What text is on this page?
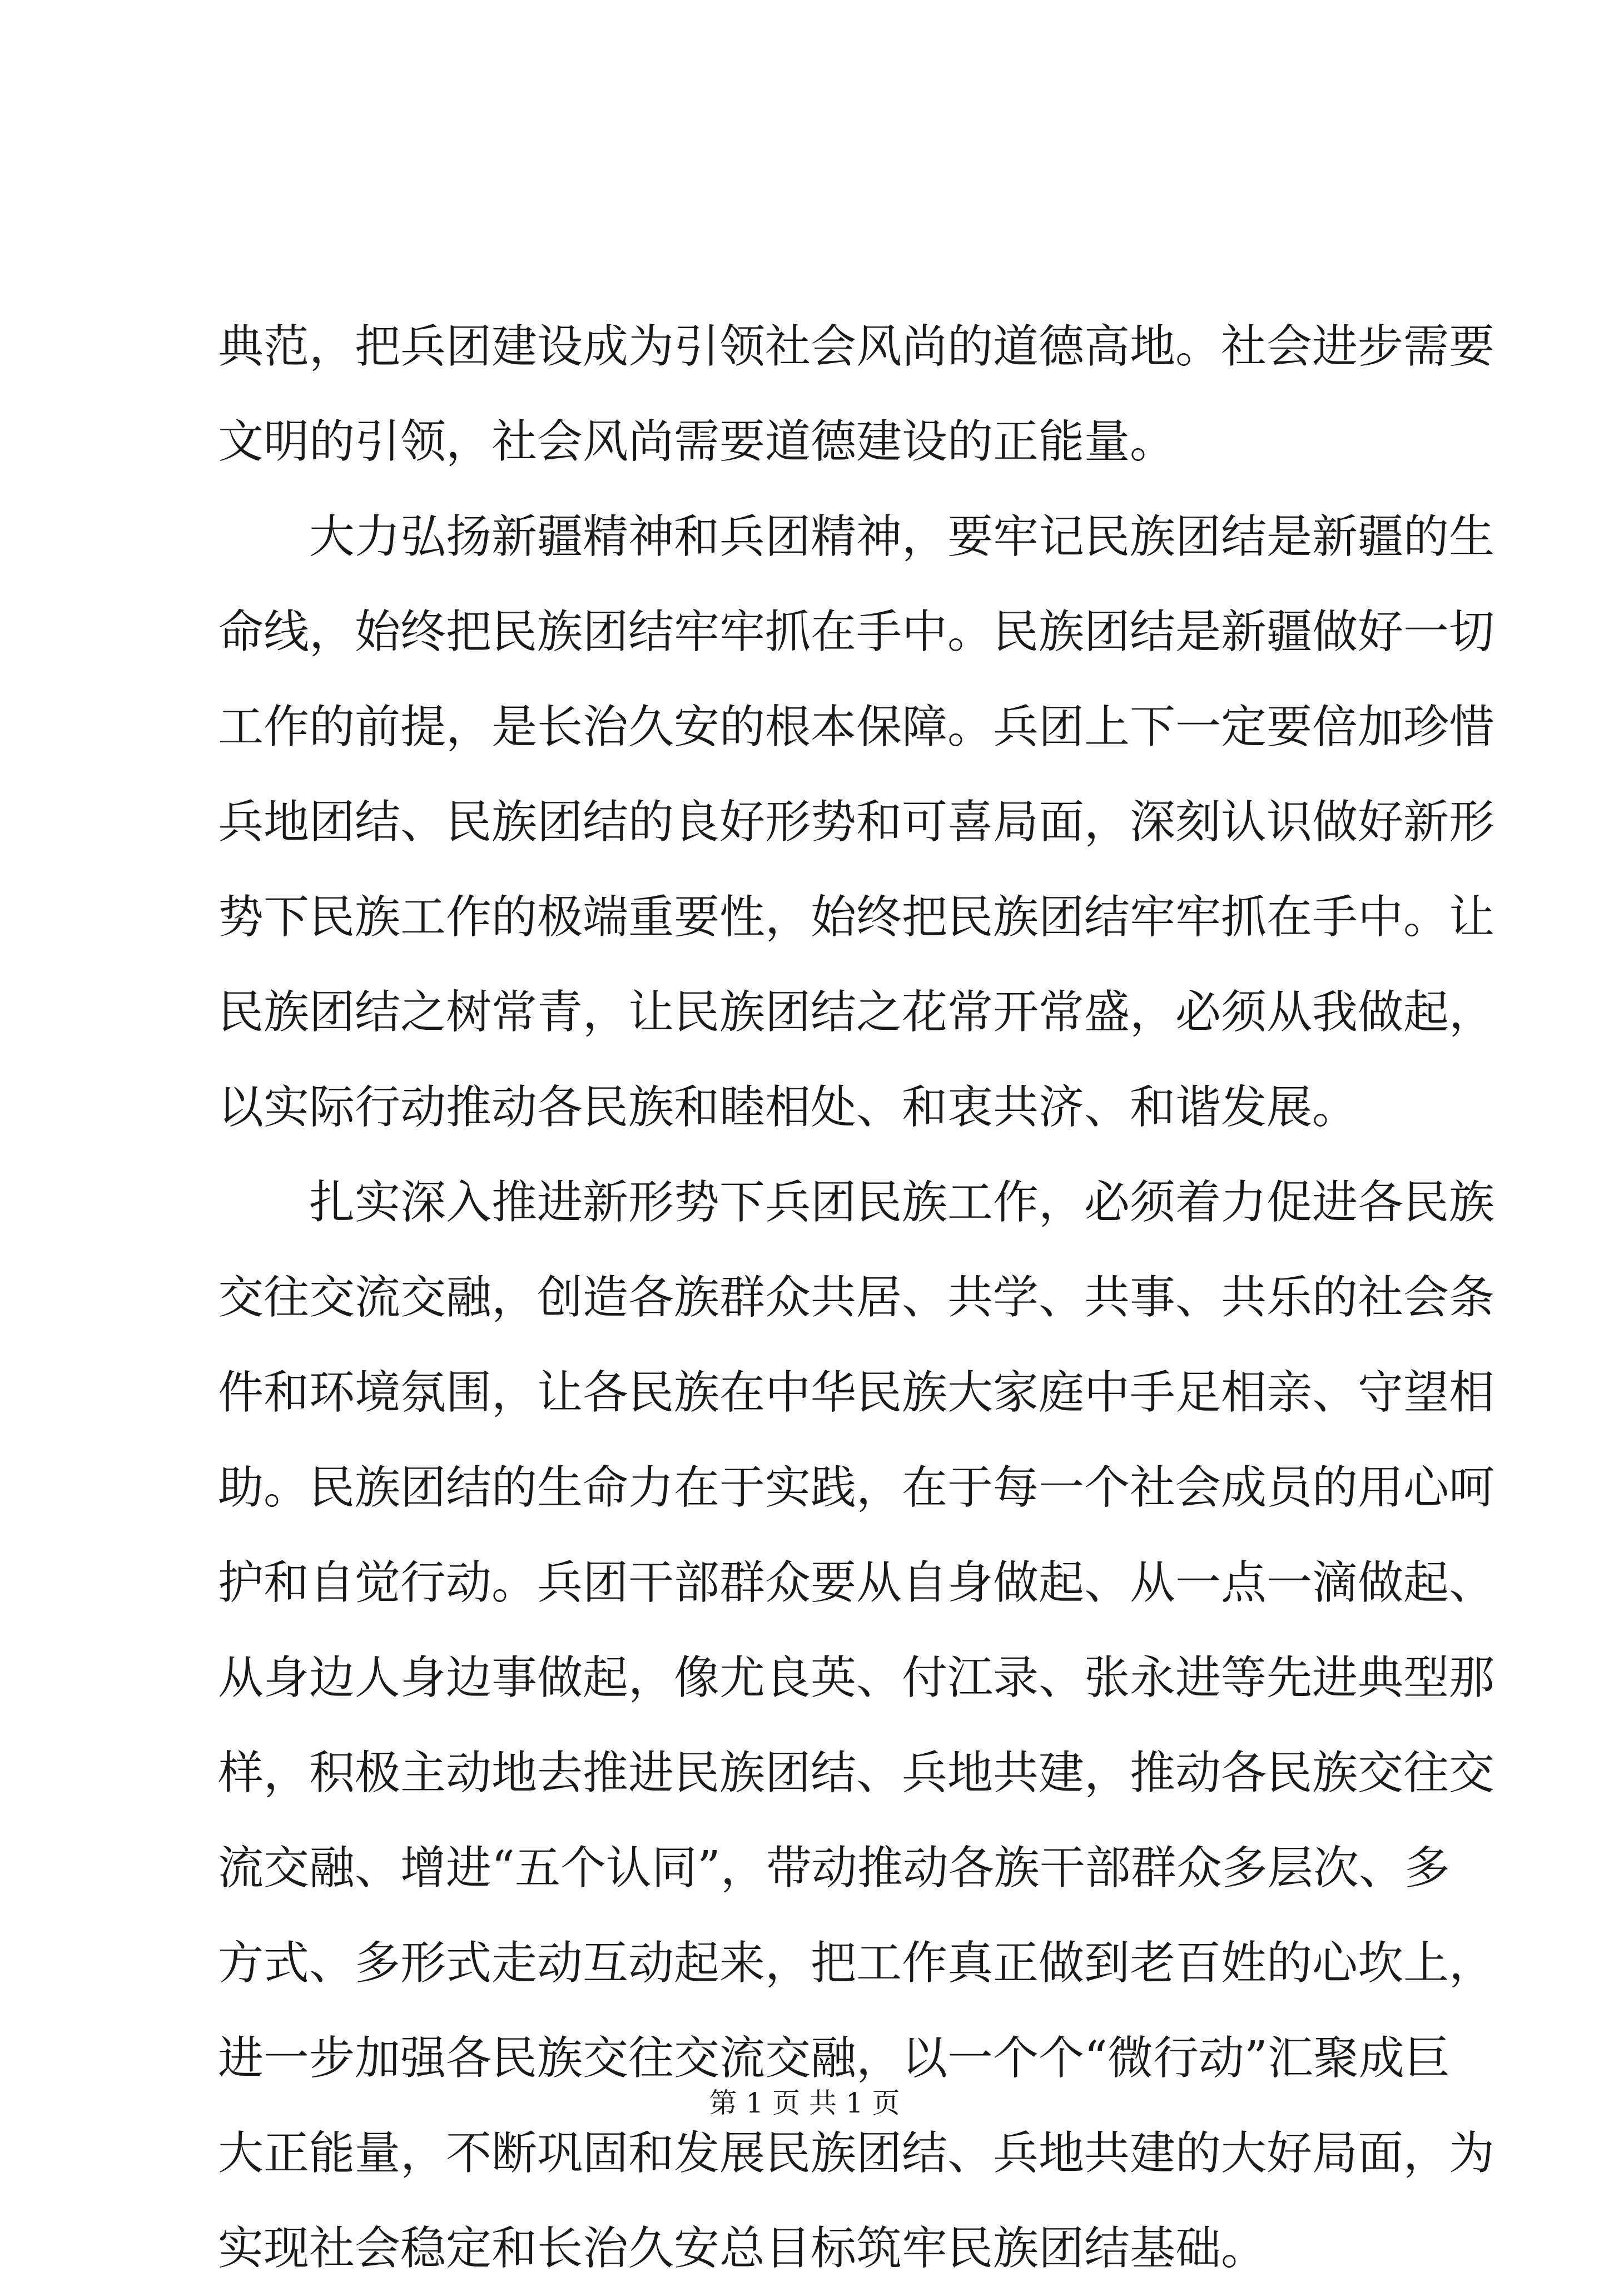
典范，把兵团建设成为引领社会风尚的道德高地。社会进步需要
文明的引领，社会风尚需要道德建设的正能量。
　　大力弘扬新疆精神和兵团精神，要牢记民族团结是新疆的生
命线，始终把民族团结牢牢抓在手中。民族团结是新疆做好一切
工作的前提，是长治久安的根本保障。兵团上下一定要倍加珍惜
兵地团结、民族团结的良好形势和可喜局面，深刻认识做好新形
势下民族工作的极端重要性，始终把民族团结牢牢抓在手中。让
民族团结之树常青，让民族团结之花常开常盛，必须从我做起，
以实际行动推动各民族和睦相处、和衷共济、和谐发展。
　　扎实深入推进新形势下兵团民族工作，必须着力促进各民族
交往交流交融，创造各族群众共居、共学、共事、共乐的社会条
件和环境氛围，让各民族在中华民族大家庭中手足相亲、守望相
助。民族团结的生命力在于实践，在于每一个社会成员的用心呵
护和自觉行动。兵团干部群众要从自身做起、从一点一滴做起、
从身边人身边事做起，像尤良英、付江录、张永进等先进典型那
样，积极主动地去推进民族团结、兵地共建，推动各民族交往交
流交融、增进“五个认同”，带动推动各族干部群众多层次、多
方式、多形式走动互动起来，把工作真正做到老百姓的心坎上，
进一步加强各民族交往交流交融，以一个个“微行动”汇聚成巨
大正能量，不断巩固和发展民族团结、兵地共建的大好局面，为
实现社会稳定和长治久安总目标筑牢民族团结基础。
第 1 页 共 1 页
